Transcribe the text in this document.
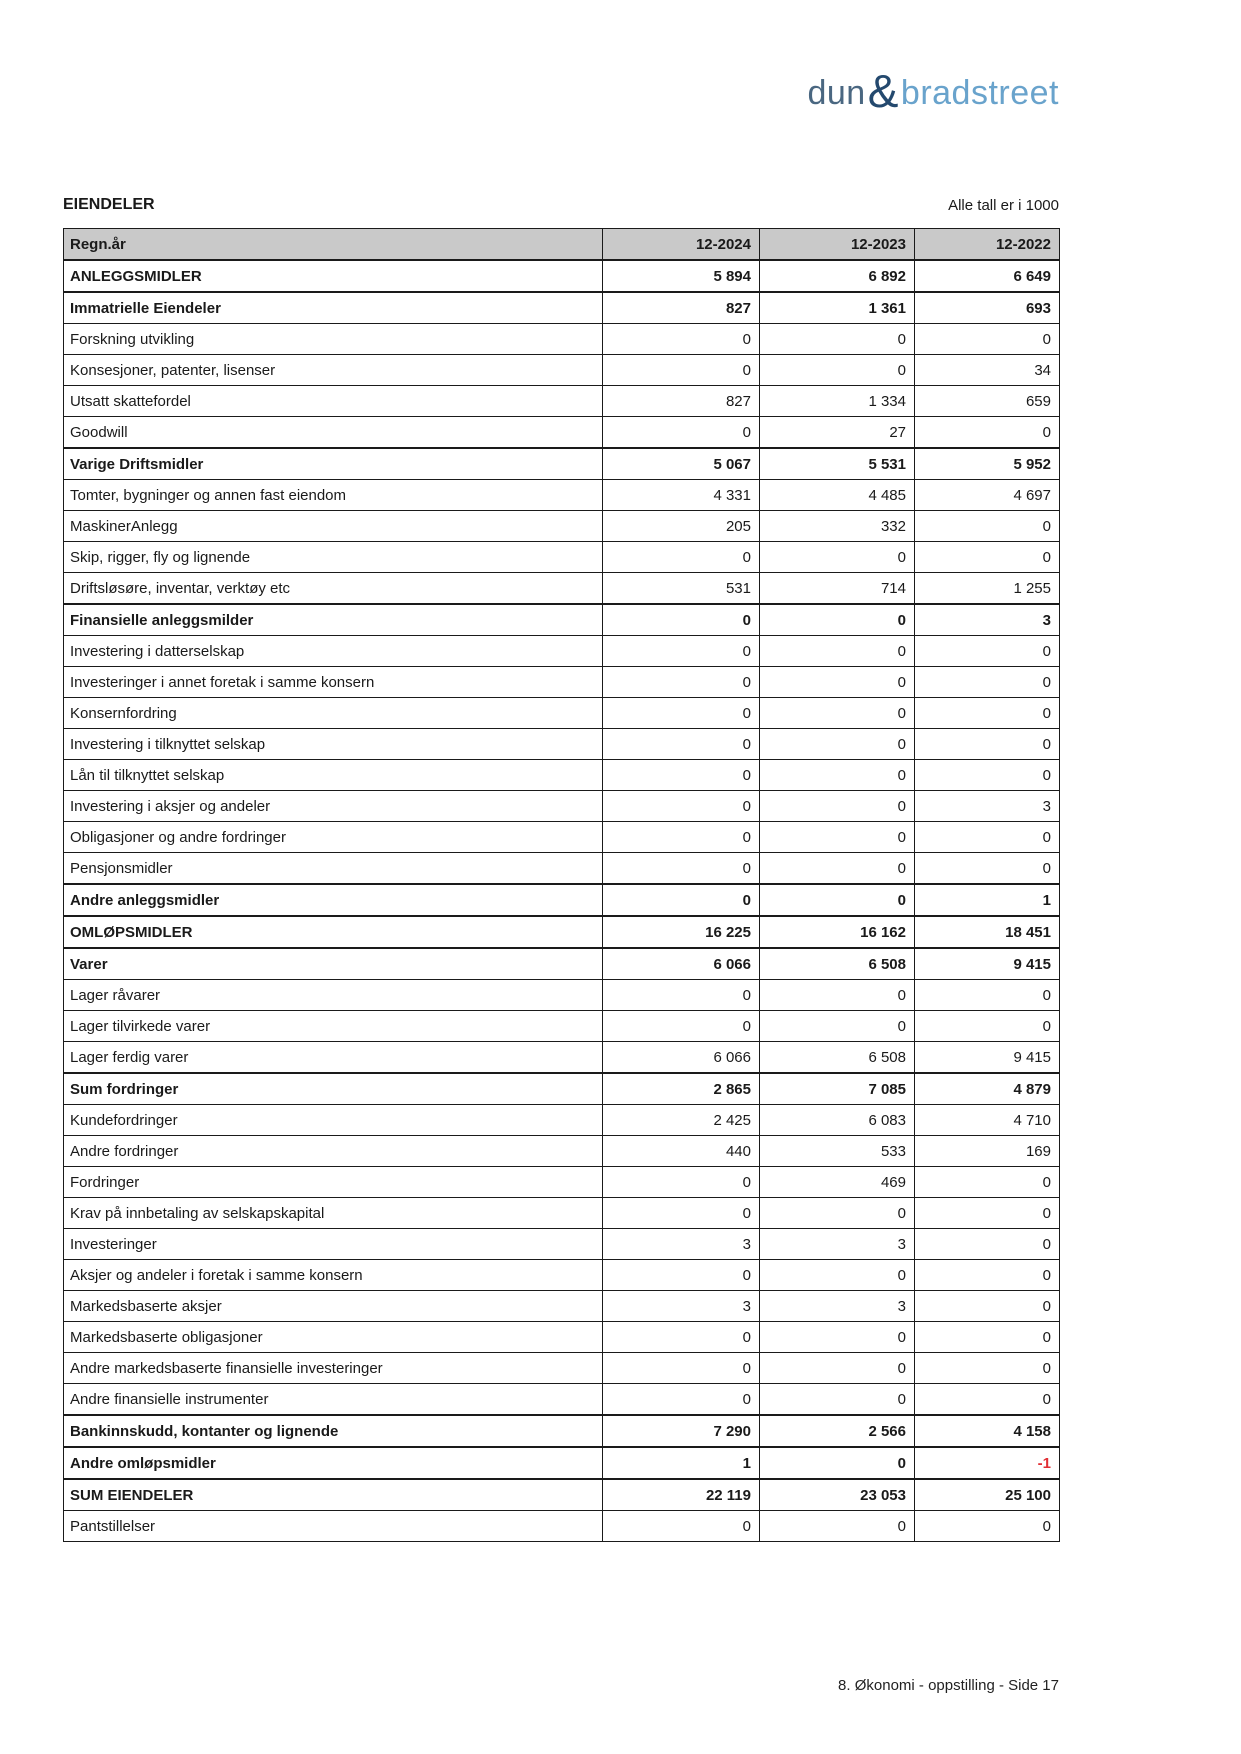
dun & bradstreet
EIENDELER	Alle tall er i 1000
Regn.år	12-2024	12-2023	12-2022
ANLEGGSMIDLER	5 894	6 892	6 649
Immatrielle Eiendeler	827	1 361	693
Forskning utvikling	0	0	0
Konsesjoner, patenter, lisenser	0	0	34
Utsatt skattefordel	827	1 334	659
Goodwill	0	27	0
Varige Driftsmidler	5 067	5 531	5 952
Tomter, bygninger og annen fast eiendom	4 331	4 485	4 697
MaskinerAnlegg	205	332	0
Skip, rigger, fly og lignende	0	0	0
Driftsløsøre, inventar, verktøy etc	531	714	1 255
Finansielle anleggsmilder	0	0	3
Investering i datterselskap	0	0	0
Investeringer i annet foretak i samme konsern	0	0	0
Konsernfordring	0	0	0
Investering i tilknyttet selskap	0	0	0
Lån til tilknyttet selskap	0	0	0
Investering i aksjer og andeler	0	0	3
Obligasjoner og andre fordringer	0	0	0
Pensjonsmidler	0	0	0
Andre anleggsmidler	0	0	1
OMLØPSMIDLER	16 225	16 162	18 451
Varer	6 066	6 508	9 415
Lager råvarer	0	0	0
Lager tilvirkede varer	0	0	0
Lager ferdig varer	6 066	6 508	9 415
Sum fordringer	2 865	7 085	4 879
Kundefordringer	2 425	6 083	4 710
Andre fordringer	440	533	169
Fordringer	0	469	0
Krav på innbetaling av selskapskapital	0	0	0
Investeringer	3	3	0
Aksjer og andeler i foretak i samme konsern	0	0	0
Markedsbaserte aksjer	3	3	0
Markedsbaserte obligasjoner	0	0	0
Andre markedsbaserte finansielle investeringer	0	0	0
Andre finansielle instrumenter	0	0	0
Bankinnskudd, kontanter og lignende	7 290	2 566	4 158
Andre omløpsmidler	1	0	-1
SUM EIENDELER	22 119	23 053	25 100
Pantstillelser	0	0	0
8. Økonomi - oppstilling - Side 17
